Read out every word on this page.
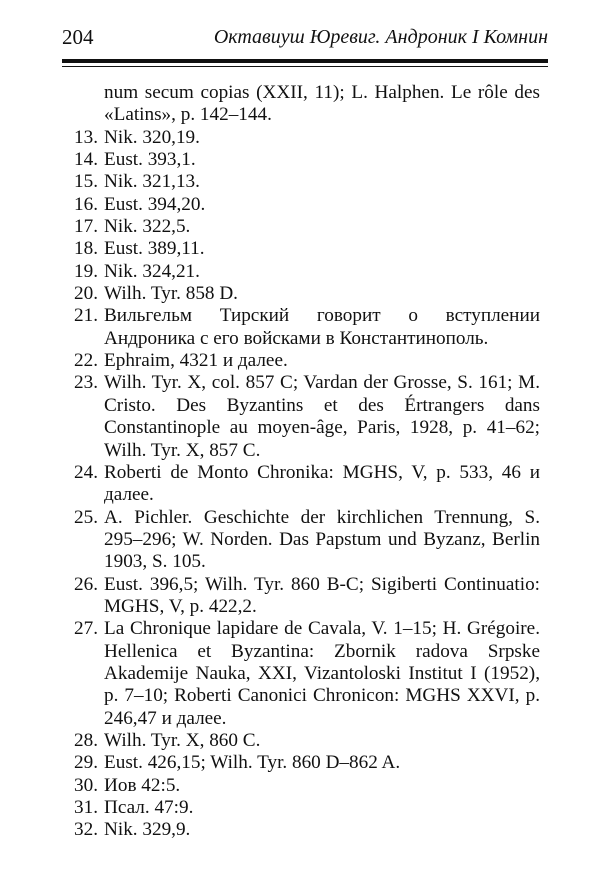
204	Октавиуш Юревиг. Андроник I Комнин
num secum copias (XXII, 11); L. Halphen. Le rôle des «Latins», p. 142–144.
13. Nik. 320,19.
14. Eust. 393,1.
15. Nik. 321,13.
16. Eust. 394,20.
17. Nik. 322,5.
18. Eust. 389,11.
19. Nik. 324,21.
20. Wilh. Tyr. 858 D.
21. Вильгельм Тирский говорит о вступлении Андроника с его войсками в Константинополь.
22. Ephraim, 4321 и далее.
23. Wilh. Tyr. X, col. 857 C; Vardan der Grosse, S. 161; M. Cristo. Des Byzantins et des Értrangers dans Constantinople au moyen-âge, Paris, 1928, p. 41–62; Wilh. Tyr. X, 857 C.
24. Roberti de Monto Chronika: MGHS, V, p. 533, 46 и далее.
25. A. Pichler. Geschichte der kirchlichen Trennung, S. 295–296; W. Norden. Das Papstum und Byzanz, Berlin 1903, S. 105.
26. Eust. 396,5; Wilh. Tyr. 860 B-C; Sigiberti Continuatio: MGHS, V, p. 422,2.
27. La Chronique lapidare de Cavala, V. 1–15; H. Grégoire. Hellenica et Byzantina: Zbornik radova Srpske Akademije Nauka, XXI, Vizantoloski Institut I (1952), p. 7–10; Roberti Canonici Chronicon: MGHS XXVI, p. 246,47 и далее.
28. Wilh. Tyr. X, 860 C.
29. Eust. 426,15; Wilh. Tyr. 860 D–862 A.
30. Иов 42:5.
31. Псал. 47:9.
32. Nik. 329,9.
